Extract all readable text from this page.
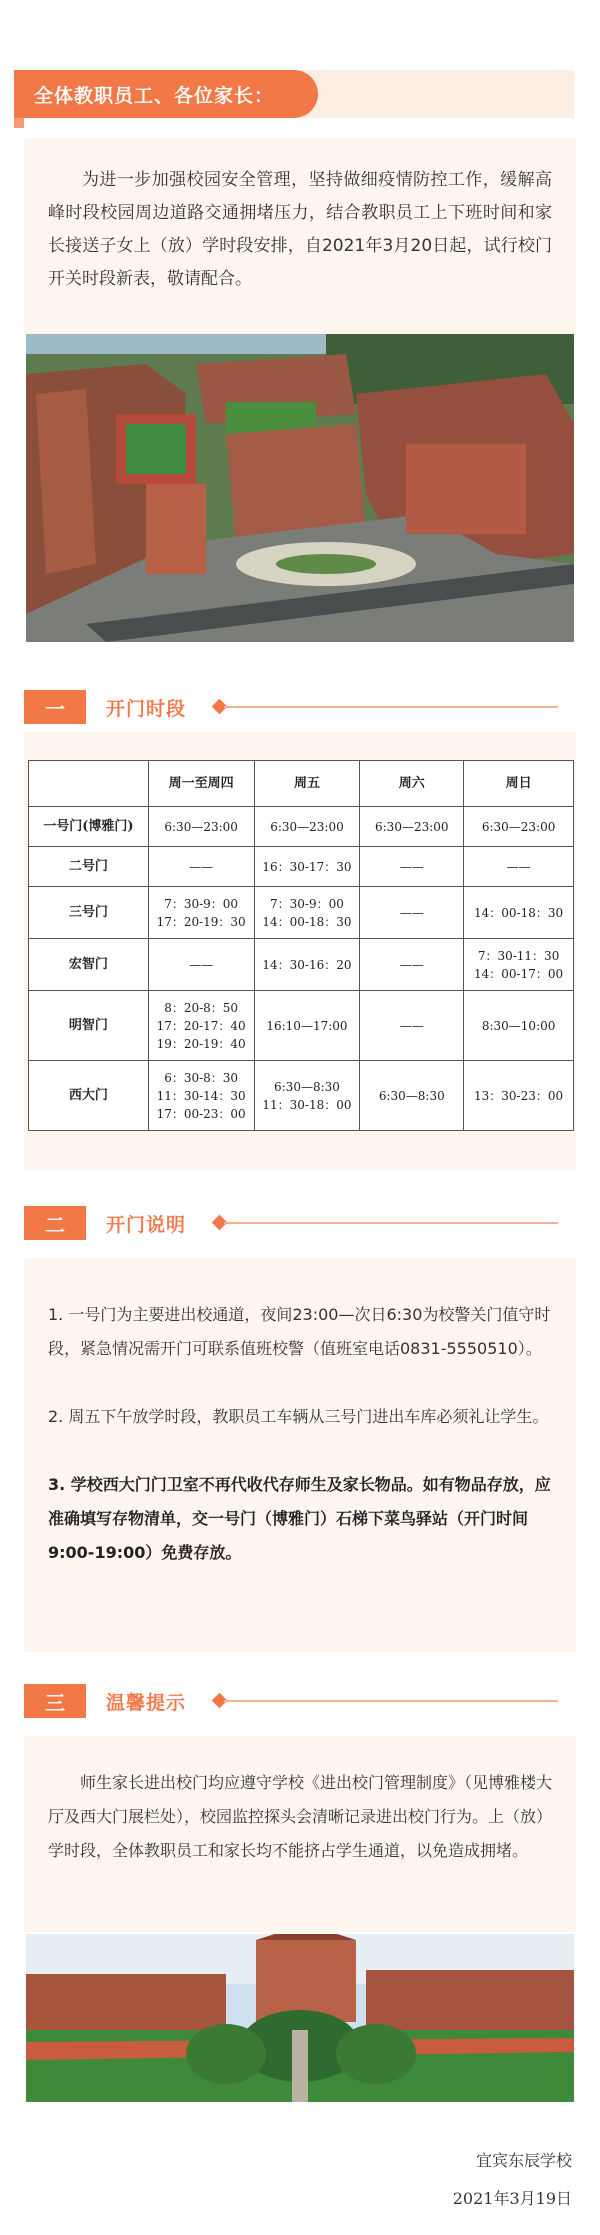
全体教职员工、各位家长：
为进一步加强校园安全管理，坚持做细疫情防控工作，缓解高峰时段校园周边道路交通拥堵压力，结合教职员工上下班时间和家长接送子女上（放）学时段安排，自2021年3月20日起，试行校门开关时段新表，敬请配合。
一	开门时段
	周一至周四	周五	周六	周日
一号门(博雅门)	6:30—23:00	6:30—23:00	6:30—23:00	6:30—23:00
二号门	——	16：30-17：30	——	——
三号门	7：30-9：00
17：20-19：30	7：30-9：00
14：00-18：30	——	14：00-18：30
宏智门	——	14：30-16：20	——	7：30-11：30
14：00-17：00
明智门	8：20-8：50
17：20-17：40
19：20-19：40	16:10—17:00	——	8:30—10:00
西大门	6：30-8：30
11：30-14：30
17：00-23：00	6:30—8:30
11：30-18：00	6:30—8:30	13：30-23：00
二	开门说明

1. 一号门为主要进出校通道，夜间23:00—次日6:30为校警关门值守时段，紧急情况需开门可联系值班校警（值班室电话0831-5550510）。

2. 周五下午放学时段，教职员工车辆从三号门进出车库必须礼让学生。

3. 学校西大门门卫室不再代收代存师生及家长物品。如有物品存放，应准确填写存物清单，交一号门（博雅门）石梯下菜鸟驿站（开门时间9:00-19:00）免费存放。

三	温馨提示
师生家长进出校门均应遵守学校《进出校门管理制度》（见博雅楼大厅及西大门展栏处），校园监控探头会清晰记录进出校门行为。上（放）学时段，全体教职员工和家长均不能挤占学生通道，以免造成拥堵。
宜宾东辰学校
2021年3月19日
